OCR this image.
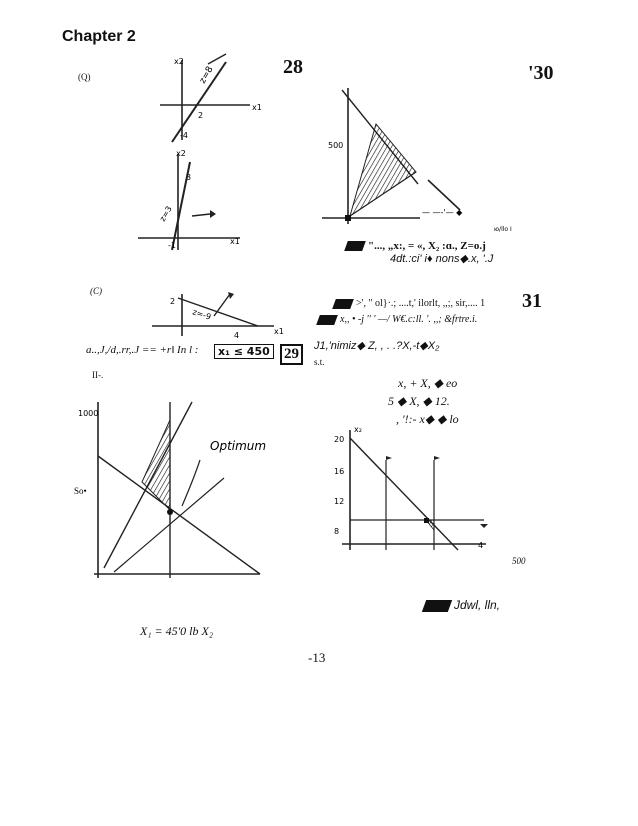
Chapter 2
28	'30
31
(Q)
(C)
x2
x1
z=8
2
-4
x2
x1
3
z=3
-1
500
— —-'— ◆
ю/llo I
"..., „x:, = «, X₂ :ɑ., Z=o.j
4dt.:ci' i♦ nons◆.x, '.J
2
4
z=-9
x1
a..,J,/d,.rr,.J == +r‖ In l :	x₁ ≤ 450 29
II-.
>', " ol}·.; ....t,' ilorlt, ,,;, sir,.... 1
x,, • -j '' ' —/ W€.c:ll. '. ,,; &frtre.i.
J1,'nimiz◆ Z, , . .?X,-t◆X₂
s.t.
x, + X, ◆ eo
5 ◆ X, ◆ 12.
, '!:- x◆ ◆ lo
1000
So•
Optimum
x₂
20
16
12
8
4
500
Jdwl, lln,
X₁ = 45'0 lb X₂
-13
